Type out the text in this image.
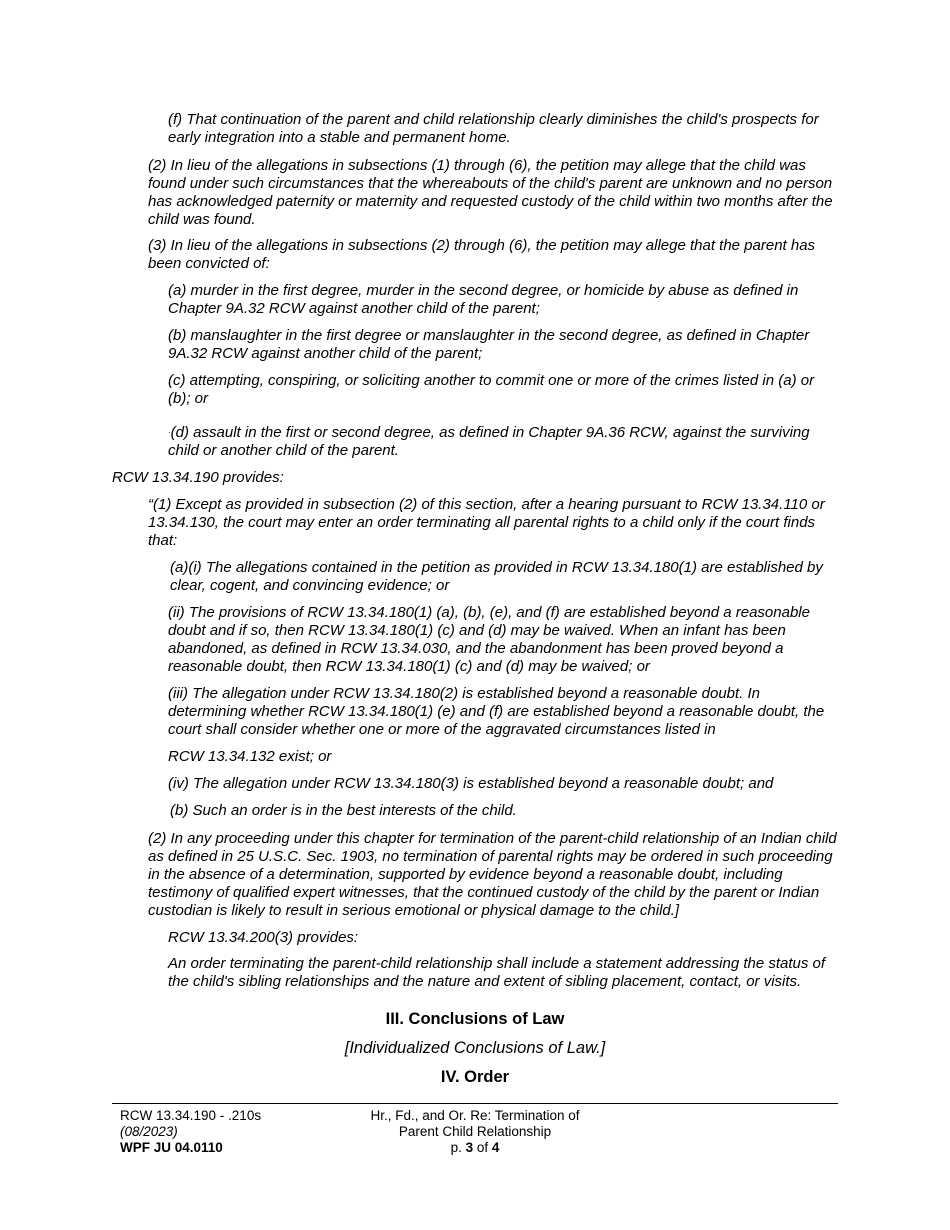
(f) That continuation of the parent and child relationship clearly diminishes the child's prospects for early integration into a stable and permanent home.

(2) In lieu of the allegations in subsections (1) through (6), the petition may allege that the child was found under such circumstances that the whereabouts of the child's parent are unknown and no person has acknowledged paternity or maternity and requested custody of the child within two months after the child was found.

(3) In lieu of the allegations in subsections (2) through (6), the petition may allege that the parent has been convicted of:

(a) murder in the first degree, murder in the second degree, or homicide by abuse as defined in Chapter 9A.32 RCW against another child of the parent;

(b) manslaughter in the first degree or manslaughter in the second degree, as defined in Chapter 9A.32 RCW against another child of the parent;

(c) attempting, conspiring, or soliciting another to commit one or more of the crimes listed in (a) or (b); or

·(d) assault in the first or second degree, as defined in Chapter 9A.36 RCW, against the surviving child or another child of the parent.

RCW 13.34.190 provides:

“(1) Except as provided in subsection (2) of this section, after a hearing pursuant to RCW 13.34.110 or 13.34.130, the court may enter an order terminating all parental rights to a child only if the court finds that:

(a)(i) The allegations contained in the petition as provided in RCW 13.34.180(1) are established by clear, cogent, and convincing evidence; or

(ii) The provisions of RCW 13.34.180(1) (a), (b), (e), and (f) are established beyond a reasonable doubt and if so, then RCW 13.34.180(1) (c) and (d) may be waived. When an infant has been abandoned, as defined in RCW 13.34.030, and the abandonment has been proved beyond a reasonable doubt, then RCW 13.34.180(1) (c) and (d) may be waived; or

(iii) The allegation under RCW 13.34.180(2) is established beyond a reasonable doubt. In determining whether RCW 13.34.180(1) (e) and (f) are established beyond a reasonable doubt, the court shall consider whether one or more of the aggravated circumstances listed in

RCW 13.34.132 exist; or

(iv) The allegation under RCW 13.34.180(3) is established beyond a reasonable doubt; and

(b) Such an order is in the best interests of the child.

(2) In any proceeding under this chapter for termination of the parent-child relationship of an Indian child as defined in 25 U.S.C. Sec. 1903, no termination of parental rights may be ordered in such proceeding in the absence of a determination, supported by evidence beyond a reasonable doubt, including testimony of qualified expert witnesses, that the continued custody of the child by the parent or Indian custodian is likely to result in serious emotional or physical damage to the child.]

RCW 13.34.200(3) provides:

An order terminating the parent-child relationship shall include a statement addressing the status of the child's sibling relationships and the nature and extent of sibling placement, contact, or visits.

III. Conclusions of Law

[Individualized Conclusions of Law.]

IV. Order

RCW 13.34.190 - .210s
(08/2023)
WPF JU 04.0110
Hr., Fd., and Or. Re: Termination of
Parent Child Relationship
p. 3 of 4
